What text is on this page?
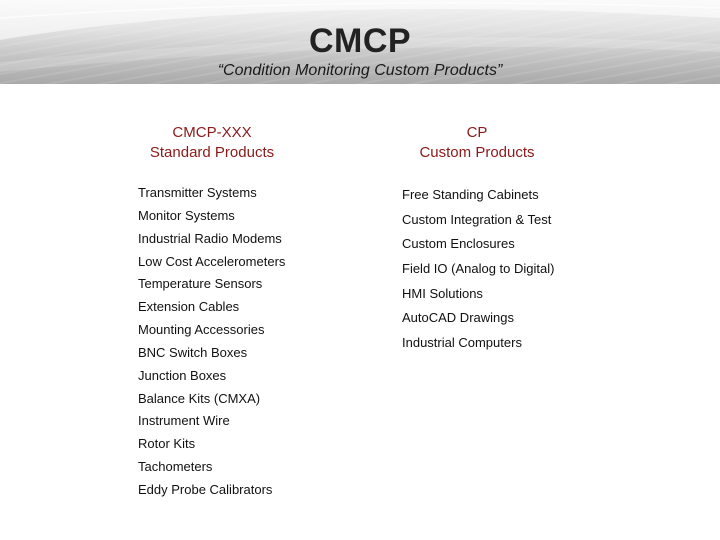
CMCP
“Condition Monitoring Custom Products”
CMCP-XXX
Standard Products
CP
Custom Products
Transmitter Systems
Monitor Systems
Industrial Radio Modems
Low Cost Accelerometers
Temperature Sensors
Extension Cables
Mounting Accessories
BNC Switch Boxes
Junction Boxes
Balance Kits (CMXA)
Instrument Wire
Rotor Kits
Tachometers
Eddy Probe Calibrators
Free Standing Cabinets
Custom Integration & Test
Custom Enclosures
Field IO (Analog to Digital)
HMI Solutions
AutoCAD Drawings
Industrial Computers
